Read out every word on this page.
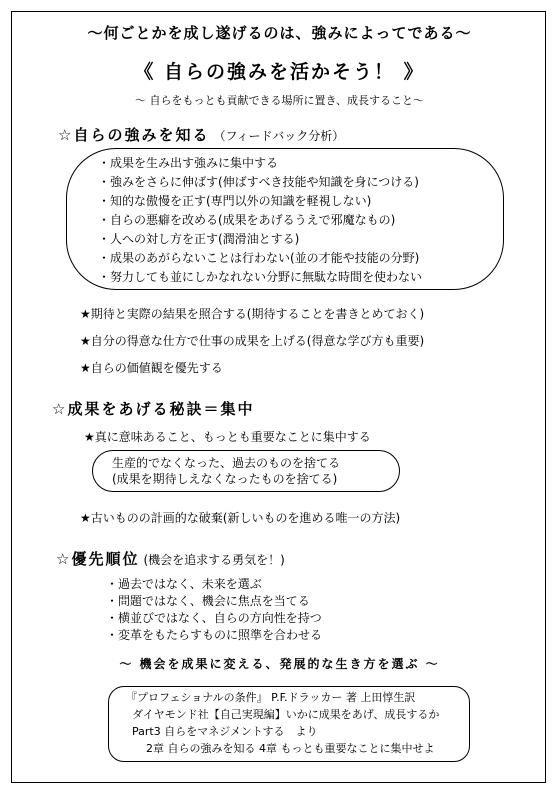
～何ごとかを成し遂げるのは、強みによってである～
《 自らの強みを活かそう！ 》
～ 自らをもっとも貢献できる場所に置き、成長すること～
☆自らの強みを知る （フィードバック分析）
・成果を生み出す強みに集中する
・強みをさらに伸ばす(伸ばすべき技能や知識を身につける)
・知的な傲慢を正す(専門以外の知識を軽視しない)
・自らの悪癖を改める(成果をあげるうえで邪魔なもの)
・人への対し方を正す(潤滑油とする)
・成果のあがらないことは行わない(並の才能や技能の分野)
・努力しても並にしかなれない分野に無駄な時間を使わない
★期待と実際の結果を照合する(期待することを書きとめておく)
★自分の得意な仕方で仕事の成果を上げる(得意な学び方も重要)
★自らの価値観を優先する
☆成果をあげる秘訣＝集中
★真に意味あること、もっとも重要なことに集中する
生産的でなくなった、過去のものを捨てる
(成果を期待しえなくなったものを捨てる)
★古いものの計画的な破棄(新しいものを進める唯一の方法)
☆優先順位 (機会を追求する勇気を！)
・過去ではなく、未来を選ぶ
・問題ではなく、機会に焦点を当てる
・横並びではなく、自らの方向性を持つ
・変革をもたらすものに照準を合わせる
～ 機会を成果に変える、発展的な生き方を選ぶ ～
『プロフェショナルの条件』 P.F.ドラッカー 著 上田惇生訳
ダイヤモンド社【自己実現編】いかに成果をあげ、成長するか
Part3 自らをマネジメントする　より
2章 自らの強みを知る 4章 もっとも重要なことに集中せよ
